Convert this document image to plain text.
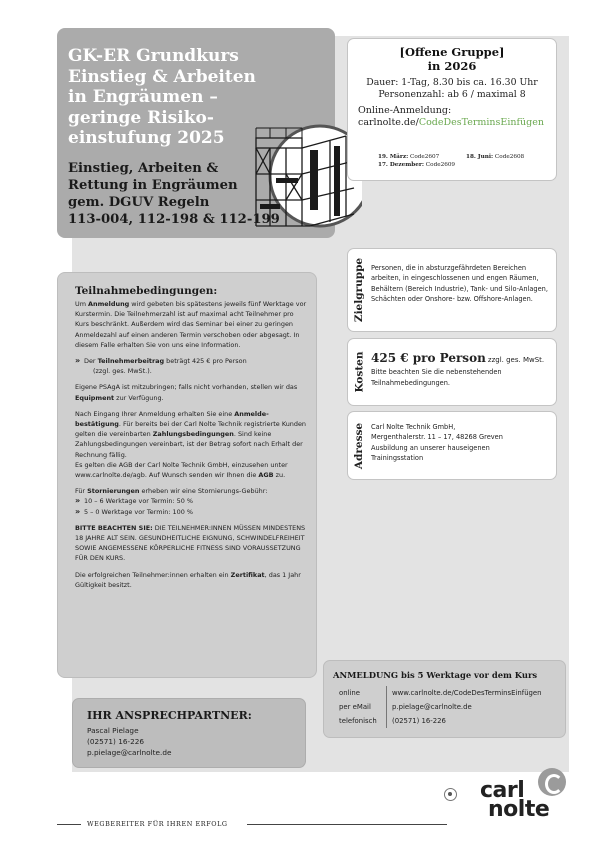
GK-ER Grundkurs
Einstieg & Arbeiten
in Engräumen –
geringe Risiko-
einstufung 2025
Einstieg, Arbeiten &
Rettung in Engräumen
gem. DGUV Regeln
113-004, 112-198 & 112-199
[Offene Gruppe]
in 2026
Dauer: 1-Tag, 8.30 bis ca. 16.30 Uhr
Personenzahl: ab 6 / maximal 8
Online-Anmeldung:
carlnolte.de/CodeDesTerminsEinfügen
19. März: Code2607	18. Juni: Code2608
17. Dezember: Code2609
Zielgruppe Personen, die in absturzgefährdeten Bereichen arbeiten, in eingeschlossenen und engen Räumen, Behältern (Bereich Industrie), Tank- und Silo-Anlagen, Schächten oder Onshore- bzw. Offshore-Anlagen.
Kosten 425 € pro Person zzgl. ges. MwSt.
Bitte beachten Sie die nebenstehenden Teilnahmebedingungen.
Adresse Carl Nolte Technik GmbH,
Mergenthalerstr. 11 – 17, 48268 Greven
Ausbildung an unserer hauseigenen
Trainingsstation
Teilnahmebedingungen:

Um Anmeldung wird gebeten bis spätestens jeweils fünf Werktage vor Kurstermin. Die Teilnehmerzahl ist auf maximal acht Teilnehmer pro Kurs beschränkt. Außerdem wird das Seminar bei einer zu geringen Anmeldezahl auf einen anderen Termin verschoben oder abgesagt. In diesem Falle erhalten Sie von uns eine Information.

» Der Teilnehmerbeitrag beträgt 425 € pro Person
(zzgl. ges. MwSt.).

Eigene PSAgA ist mitzubringen; falls nicht vorhanden, stellen wir das Equipment zur Verfügung.

Nach Eingang Ihrer Anmeldung erhalten Sie eine Anmelde-bestätigung. Für bereits bei der Carl Nolte Technik registrierte Kunden gelten die vereinbarten Zahlungsbedingungen. Sind keine Zahlungsbedingungen vereinbart, ist der Betrag sofort nach Erhalt der Rechnung fällig.
Es gelten die AGB der Carl Nolte Technik GmbH, einzusehen unter www.carlnolte.de/agb. Auf Wunsch senden wir Ihnen die AGB zu.

Für Stornierungen erheben wir eine Stornierungs-Gebühr:
» 10 – 6 Werktage vor Termin: 50 %
» 5 – 0 Werktage vor Termin: 100 %

BITTE BEACHTEN SIE: DIE TEILNEHMER:INNEN MÜSSEN MINDESTENS 18 JAHRE ALT SEIN. GESUNDHEITLICHE EIGNUNG, SCHWINDELFREIHEIT SOWIE ANGEMESSENE KÖRPERLICHE FITNESS SIND VORAUSSETZUNG FÜR DEN KURS.

Die erfolgreichen Teilnehmer:innen erhalten ein Zertifikat, das 1 Jahr Gültigkeit besitzt.

IHR ANSPRECHPARTNER:
Pascal Pielage
(02571) 16-226
p.pielage@carlnolte.de
ANMELDUNG bis 5 Werktage vor dem Kurs
online	www.carlnolte.de/CodeDesTerminsEinfügen
per eMail	p.pielage@carlnolte.de
telefonisch	(02571) 16-226
WEGBEREITER FÜR IHREN ERFOLG
carl
nolte
